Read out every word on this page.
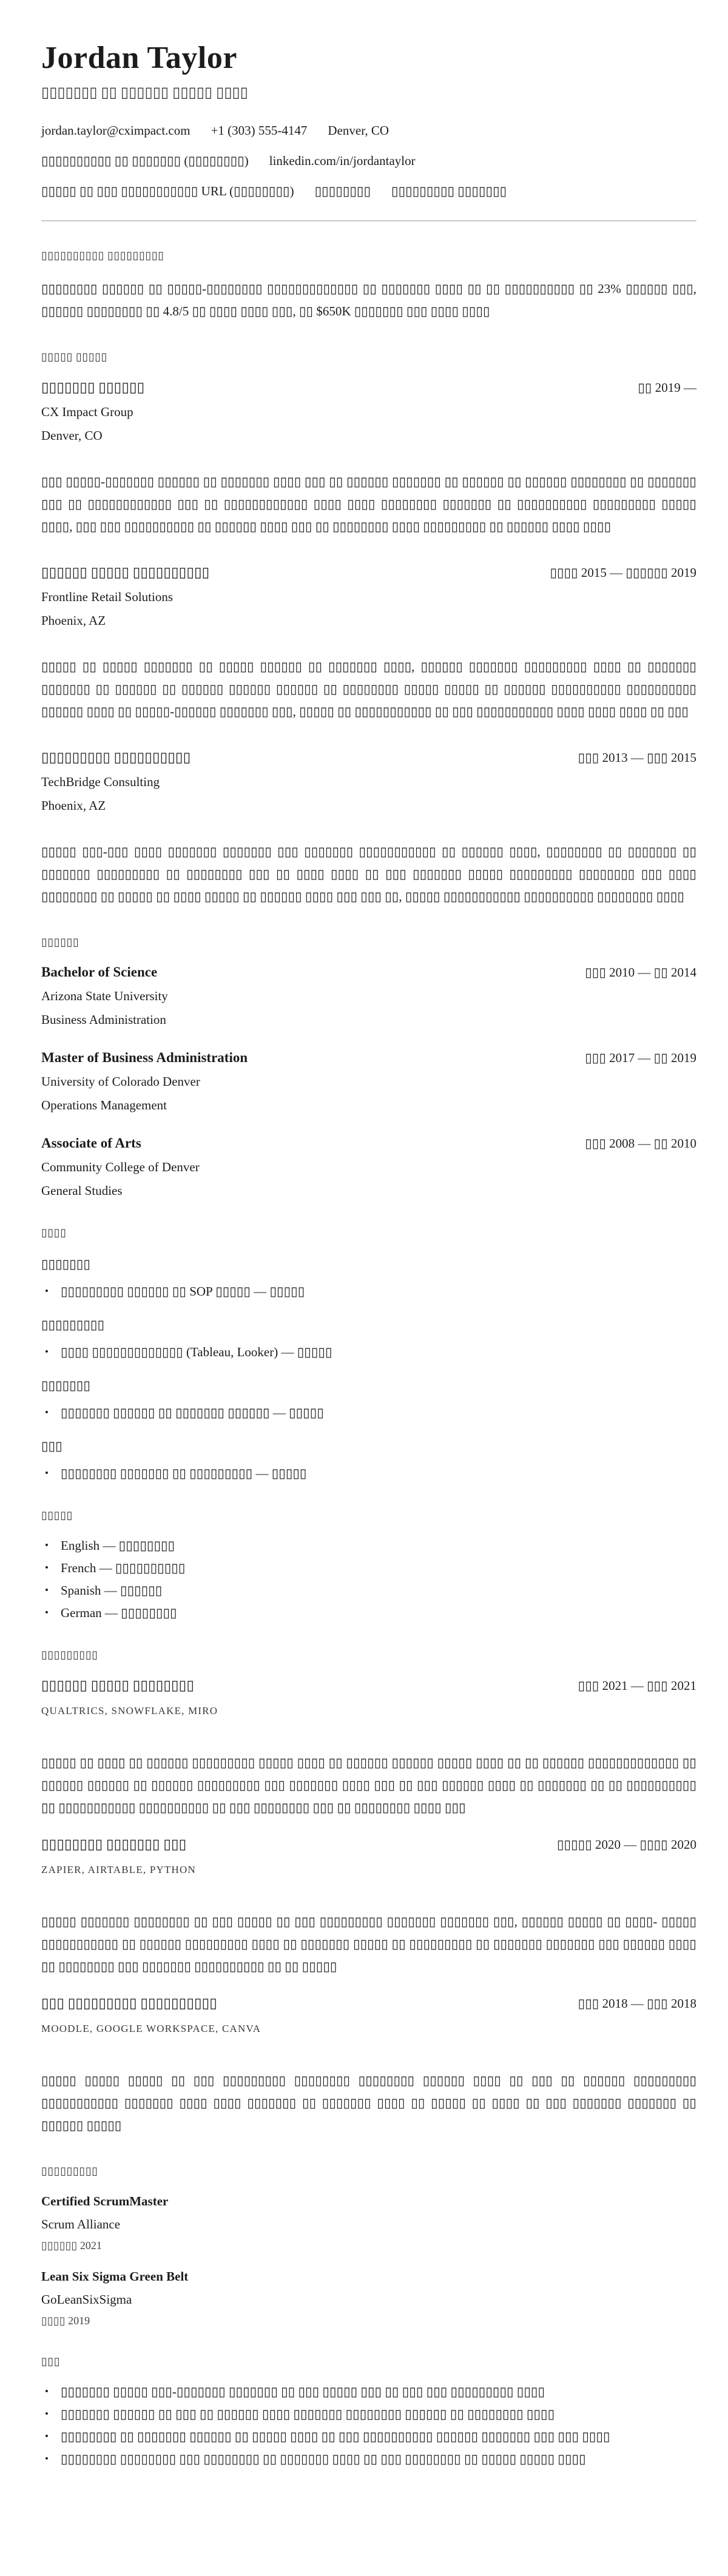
Jordan Taylor
▯▯▯▯▯▯▯ ▯▯ ▯▯▯▯▯▯ ▯▯▯▯▯ ▯▯▯▯
jordan.taylor@cximpact.com +1 (303) 555-4147 Denver, CO
▯▯▯▯▯▯▯▯▯▯ ▯▯ ▯▯▯▯▯▯▯ (▯▯▯▯▯▯▯▯) linkedin.com/in/jordantaylor
▯▯▯▯▯ ▯▯ ▯▯▯ ▯▯▯▯▯▯▯▯▯▯▯ URL (▯▯▯▯▯▯▯▯) ▯▯▯▯▯▯▯▯ ▯▯▯▯▯▯▯▯▯ ▯▯▯▯▯▯▯
▯▯▯▯▯▯▯▯▯▯ ▯▯▯▯▯▯▯▯▯
▯▯▯▯▯▯▯▯ ▯▯▯▯▯▯ ▯▯ ▯▯▯▯▯-▯▯▯▯▯▯▯▯ ▯▯▯▯▯▯▯▯▯▯▯▯▯ ▯▯ ▯▯▯▯▯▯▯ ▯▯▯▯ ▯▯ ▯▯ ▯▯▯▯▯▯▯▯▯▯ ▯▯ 23% ▯▯▯▯▯▯ ▯▯▯, ▯▯▯▯▯▯ ▯▯▯▯▯▯▯▯ ▯▯ 4.8/5 ▯▯ ▯▯▯▯ ▯▯▯▯ ▯▯▯, ▯▯ $650K ▯▯▯▯▯▯▯ ▯▯▯ ▯▯▯▯ ▯▯▯▯
▯▯▯▯▯ ▯▯▯▯▯
▯▯▯▯▯▯▯ ▯▯▯▯▯▯	▯▯ 2019 —
CX Impact Group
Denver, CO
▯▯▯ ▯▯▯▯▯-▯▯▯▯▯▯▯ ▯▯▯▯▯▯ ▯▯ ▯▯▯▯▯▯▯ ▯▯▯▯ ▯▯▯ ▯▯ ▯▯▯▯▯▯ ▯▯▯▯▯▯▯ ▯▯ ▯▯▯▯▯▯ ▯▯ ▯▯▯▯▯▯ ▯▯▯▯▯▯▯▯ ▯▯ ▯▯▯▯▯▯▯ ▯▯▯ ▯▯ ▯▯▯▯▯▯▯▯▯▯▯▯ ▯▯▯ ▯▯ ▯▯▯▯▯▯▯▯▯▯▯▯ ▯▯▯▯ ▯▯▯▯ ▯▯▯▯▯▯▯▯ ▯▯▯▯▯▯▯ ▯▯ ▯▯▯▯▯▯▯▯▯▯ ▯▯▯▯▯▯▯▯▯ ▯▯▯▯▯ ▯▯▯▯, ▯▯▯ ▯▯▯ ▯▯▯▯▯▯▯▯▯▯ ▯▯ ▯▯▯▯▯▯ ▯▯▯▯ ▯▯▯ ▯▯ ▯▯▯▯▯▯▯▯ ▯▯▯▯ ▯▯▯▯▯▯▯▯▯ ▯▯ ▯▯▯▯▯▯ ▯▯▯▯ ▯▯▯▯
▯▯▯▯▯▯ ▯▯▯▯▯ ▯▯▯▯▯▯▯▯▯▯	▯▯▯▯ 2015 — ▯▯▯▯▯▯ 2019
Frontline Retail Solutions
Phoenix, AZ
▯▯▯▯▯ ▯▯ ▯▯▯▯▯ ▯▯▯▯▯▯▯ ▯▯ ▯▯▯▯▯ ▯▯▯▯▯▯ ▯▯ ▯▯▯▯▯▯▯ ▯▯▯▯, ▯▯▯▯▯▯ ▯▯▯▯▯▯▯ ▯▯▯▯▯▯▯▯▯ ▯▯▯▯ ▯▯ ▯▯▯▯▯▯▯ ▯▯▯▯▯▯▯ ▯▯ ▯▯▯▯▯▯ ▯▯ ▯▯▯▯▯▯ ▯▯▯▯▯▯ ▯▯▯▯▯▯ ▯▯ ▯▯▯▯▯▯▯▯ ▯▯▯▯▯ ▯▯▯▯▯ ▯▯ ▯▯▯▯▯▯ ▯▯▯▯▯▯▯▯▯▯ ▯▯▯▯▯▯▯▯▯▯ ▯▯▯▯▯▯ ▯▯▯▯ ▯▯ ▯▯▯▯▯-▯▯▯▯▯▯ ▯▯▯▯▯▯▯ ▯▯▯, ▯▯▯▯▯ ▯▯ ▯▯▯▯▯▯▯▯▯▯▯ ▯▯ ▯▯▯ ▯▯▯▯▯▯▯▯▯▯▯ ▯▯▯▯ ▯▯▯▯ ▯▯▯▯ ▯▯ ▯▯▯
▯▯▯▯▯▯▯▯▯ ▯▯▯▯▯▯▯▯▯▯	▯▯▯ 2013 — ▯▯▯ 2015
TechBridge Consulting
Phoenix, AZ
▯▯▯▯▯ ▯▯▯-▯▯▯ ▯▯▯▯ ▯▯▯▯▯▯▯ ▯▯▯▯▯▯▯ ▯▯▯ ▯▯▯▯▯▯▯ ▯▯▯▯▯▯▯▯▯▯▯ ▯▯ ▯▯▯▯▯▯ ▯▯▯▯, ▯▯▯▯▯▯▯▯ ▯▯ ▯▯▯▯▯▯▯ ▯▯ ▯▯▯▯▯▯▯ ▯▯▯▯▯▯▯▯▯ ▯▯ ▯▯▯▯▯▯▯▯ ▯▯▯ ▯▯ ▯▯▯▯ ▯▯▯▯ ▯▯ ▯▯▯ ▯▯▯▯▯▯▯ ▯▯▯▯▯ ▯▯▯▯▯▯▯▯▯ ▯▯▯▯▯▯▯▯ ▯▯▯ ▯▯▯▯ ▯▯▯▯▯▯▯▯ ▯▯ ▯▯▯▯▯ ▯▯ ▯▯▯▯ ▯▯▯▯▯ ▯▯ ▯▯▯▯▯▯ ▯▯▯▯ ▯▯▯ ▯▯▯ ▯▯, ▯▯▯▯▯ ▯▯▯▯▯▯▯▯▯▯▯ ▯▯▯▯▯▯▯▯▯▯ ▯▯▯▯▯▯▯▯ ▯▯▯▯
▯▯▯▯▯▯
Bachelor of Science	▯▯▯ 2010 — ▯▯ 2014
Arizona State University
Business Administration
Master of Business Administration	▯▯▯ 2017 — ▯▯ 2019
University of Colorado Denver
Operations Management
Associate of Arts	▯▯▯ 2008 — ▯▯ 2010
Community College of Denver
General Studies
▯▯▯▯
▯▯▯▯▯▯▯
• ▯▯▯▯▯▯▯▯▯ ▯▯▯▯▯▯ ▯▯ SOP ▯▯▯▯▯ — ▯▯▯▯▯
▯▯▯▯▯▯▯▯▯
• ▯▯▯▯ ▯▯▯▯▯▯▯▯▯▯▯▯▯ (Tableau, Looker) — ▯▯▯▯▯
▯▯▯▯▯▯▯
• ▯▯▯▯▯▯▯ ▯▯▯▯▯▯ ▯▯ ▯▯▯▯▯▯▯ ▯▯▯▯▯▯ — ▯▯▯▯▯
▯▯▯
• ▯▯▯▯▯▯▯▯ ▯▯▯▯▯▯▯ ▯▯ ▯▯▯▯▯▯▯▯▯ — ▯▯▯▯▯
▯▯▯▯▯
• English — ▯▯▯▯▯▯▯▯
• French — ▯▯▯▯▯▯▯▯▯▯
• Spanish — ▯▯▯▯▯▯
• German — ▯▯▯▯▯▯▯▯
▯▯▯▯▯▯▯▯▯
▯▯▯▯▯▯ ▯▯▯▯▯ ▯▯▯▯▯▯▯▯	▯▯▯ 2021 — ▯▯▯ 2021
QUALTRICS, SNOWFLAKE, MIRO
▯▯▯▯▯ ▯▯ ▯▯▯▯ ▯▯ ▯▯▯▯▯▯ ▯▯▯▯▯▯▯▯▯ ▯▯▯▯▯ ▯▯▯▯ ▯▯ ▯▯▯▯▯▯ ▯▯▯▯▯▯ ▯▯▯▯▯ ▯▯▯▯ ▯▯ ▯▯ ▯▯▯▯▯▯ ▯▯▯▯▯▯▯▯▯▯▯▯▯ ▯▯ ▯▯▯▯▯▯ ▯▯▯▯▯▯ ▯▯ ▯▯▯▯▯▯ ▯▯▯▯▯▯▯▯▯ ▯▯▯ ▯▯▯▯▯▯▯ ▯▯▯▯ ▯▯▯ ▯▯ ▯▯▯ ▯▯▯▯▯▯ ▯▯▯▯ ▯▯ ▯▯▯▯▯▯▯ ▯▯ ▯▯ ▯▯▯▯▯▯▯▯▯▯ ▯▯ ▯▯▯▯▯▯▯▯▯▯▯ ▯▯▯▯▯▯▯▯▯▯ ▯▯ ▯▯▯ ▯▯▯▯▯▯▯▯ ▯▯▯ ▯▯ ▯▯▯▯▯▯▯▯ ▯▯▯▯ ▯▯▯
▯▯▯▯▯▯▯▯ ▯▯▯▯▯▯▯ ▯▯▯	▯▯▯▯▯ 2020 — ▯▯▯▯ 2020
ZAPIER, AIRTABLE, PYTHON
▯▯▯▯▯ ▯▯▯▯▯▯▯ ▯▯▯▯▯▯▯▯ ▯▯ ▯▯▯ ▯▯▯▯▯ ▯▯ ▯▯▯ ▯▯▯▯▯▯▯▯▯ ▯▯▯▯▯▯▯ ▯▯▯▯▯▯▯ ▯▯▯, ▯▯▯▯▯▯ ▯▯▯▯▯ ▯▯ ▯▯▯▯- ▯▯▯▯▯ ▯▯▯▯▯▯▯▯▯▯▯ ▯▯ ▯▯▯▯▯▯ ▯▯▯▯▯▯▯▯▯ ▯▯▯▯ ▯▯ ▯▯▯▯▯▯▯ ▯▯▯▯▯ ▯▯ ▯▯▯▯▯▯▯▯▯ ▯▯ ▯▯▯▯▯▯▯ ▯▯▯▯▯▯▯ ▯▯▯ ▯▯▯▯▯▯ ▯▯▯▯ ▯▯ ▯▯▯▯▯▯▯▯ ▯▯▯ ▯▯▯▯▯▯▯ ▯▯▯▯▯▯▯▯▯▯ ▯▯ ▯▯ ▯▯▯▯▯
▯▯▯ ▯▯▯▯▯▯▯▯▯ ▯▯▯▯▯▯▯▯▯▯	▯▯▯ 2018 — ▯▯▯ 2018
MOODLE, GOOGLE WORKSPACE, CANVA
▯▯▯▯▯ ▯▯▯▯▯ ▯▯▯▯▯ ▯▯ ▯▯▯ ▯▯▯▯▯▯▯▯▯ ▯▯▯▯▯▯▯▯ ▯▯▯▯▯▯▯▯ ▯▯▯▯▯▯ ▯▯▯▯ ▯▯ ▯▯▯ ▯▯ ▯▯▯▯▯▯ ▯▯▯▯▯▯▯▯▯ ▯▯▯▯▯▯▯▯▯▯▯ ▯▯▯▯▯▯▯ ▯▯▯▯ ▯▯▯▯ ▯▯▯▯▯▯▯ ▯▯ ▯▯▯▯▯▯▯ ▯▯▯▯ ▯▯ ▯▯▯▯▯ ▯▯ ▯▯▯▯ ▯▯ ▯▯▯ ▯▯▯▯▯▯▯ ▯▯▯▯▯▯▯ ▯▯ ▯▯▯▯▯▯ ▯▯▯▯▯
▯▯▯▯▯▯▯▯▯
Certified ScrumMaster
Scrum Alliance
▯▯▯▯▯▯ 2021
Lean Six Sigma Green Belt
GoLeanSixSigma
▯▯▯▯ 2019
▯▯▯
• ▯▯▯▯▯▯▯ ▯▯▯▯▯ ▯▯▯-▯▯▯▯▯▯▯ ▯▯▯▯▯▯▯ ▯▯ ▯▯▯ ▯▯▯▯▯ ▯▯▯ ▯▯ ▯▯▯ ▯▯▯ ▯▯▯▯▯▯▯▯▯ ▯▯▯▯
• ▯▯▯▯▯▯▯ ▯▯▯▯▯▯ ▯▯ ▯▯▯ ▯▯ ▯▯▯▯▯▯ ▯▯▯▯ ▯▯▯▯▯▯▯ ▯▯▯▯▯▯▯▯ ▯▯▯▯▯▯ ▯▯ ▯▯▯▯▯▯▯▯ ▯▯▯▯
• ▯▯▯▯▯▯▯▯ ▯▯ ▯▯▯▯▯▯▯ ▯▯▯▯▯▯ ▯▯ ▯▯▯▯▯ ▯▯▯▯ ▯▯ ▯▯▯ ▯▯▯▯▯▯▯▯▯▯ ▯▯▯▯▯▯ ▯▯▯▯▯▯▯ ▯▯▯ ▯▯▯ ▯▯▯▯
• ▯▯▯▯▯▯▯▯ ▯▯▯▯▯▯▯▯ ▯▯▯ ▯▯▯▯▯▯▯▯ ▯▯ ▯▯▯▯▯▯▯ ▯▯▯▯ ▯▯ ▯▯▯ ▯▯▯▯▯▯▯▯ ▯▯ ▯▯▯▯▯ ▯▯▯▯▯ ▯▯▯▯
